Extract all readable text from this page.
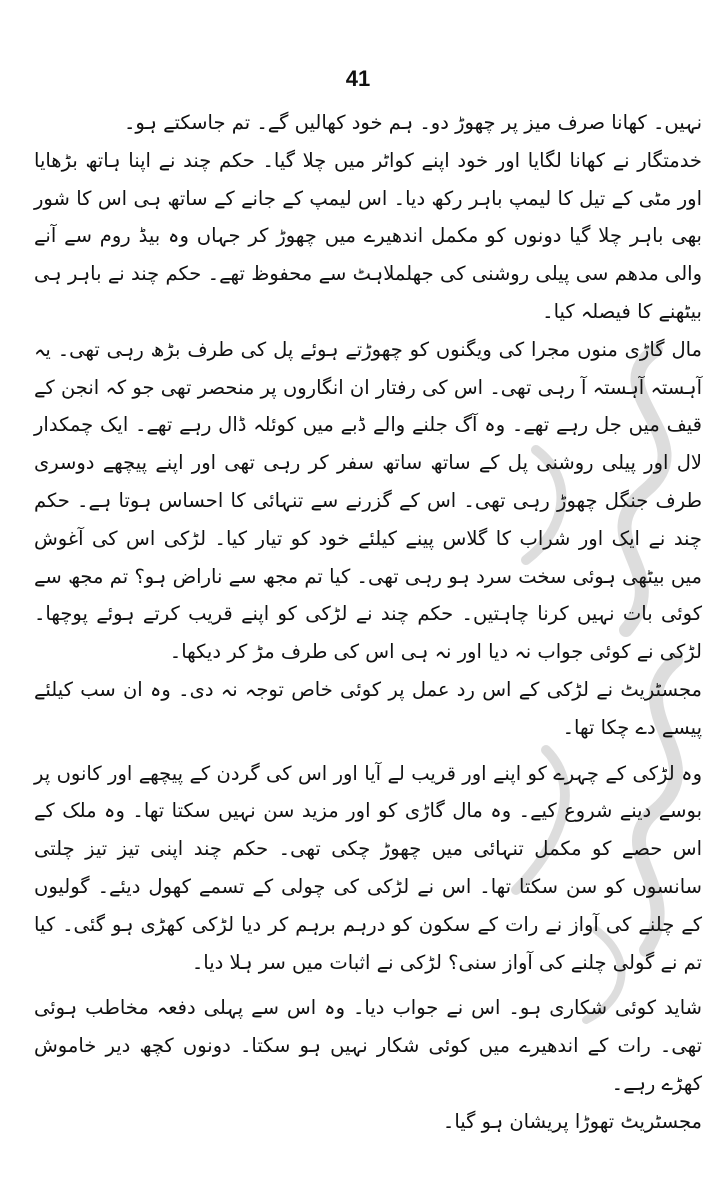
41

نہیں۔ کھانا صرف میز پر چھوڑ دو۔ ہم خود کھالیں گے۔ تم جاسکتے ہو۔

خدمتگار نے کھانا لگایا اور خود اپنے کواٹر میں چلا گیا۔ حکم چند نے اپنا ہاتھ بڑھایا اور مٹی کے تیل کا لیمپ باہر رکھ دیا۔ اس لیمپ کے جانے کے ساتھ ہی اس کا شور بھی باہر چلا گیا دونوں کو مکمل اندھیرے میں چھوڑ کر جہاں وہ بیڈ روم سے آنے والی مدھم سی پیلی روشنی کی جھلملاہٹ سے محفوظ تھے۔ حکم چند نے باہر ہی بیٹھنے کا فیصلہ کیا۔

مال گاڑی منوں مجرا کی ویگنوں کو چھوڑتے ہوئے پل کی طرف بڑھ رہی تھی۔ یہ آہستہ آہستہ آ رہی تھی۔ اس کی رفتار ان انگاروں پر منحصر تھی جو کہ انجن کے قیف میں جل رہے تھے۔ وہ آگ جلنے والے ڈبے میں کوئلہ ڈال رہے تھے۔ ایک چمکدار لال اور پیلی روشنی پل کے ساتھ ساتھ سفر کر رہی تھی اور اپنے پیچھے دوسری طرف جنگل چھوڑ رہی تھی۔ اس کے گزرنے سے تنہائی کا احساس ہوتا ہے۔ حکم چند نے ایک اور شراب کا گلاس پینے کیلئے خود کو تیار کیا۔ لڑکی اس کی آغوش میں بیٹھی ہوئی سخت سرد ہو رہی تھی۔ کیا تم مجھ سے ناراض ہو؟ تم مجھ سے کوئی بات نہیں کرنا چاہتیں۔ حکم چند نے لڑکی کو اپنے قریب کرتے ہوئے پوچھا۔ لڑکی نے کوئی جواب نہ دیا اور نہ ہی اس کی طرف مڑ کر دیکھا۔

مجسٹریٹ نے لڑکی کے اس رد عمل پر کوئی خاص توجہ نہ دی۔ وہ ان سب کیلئے پیسے دے چکا تھا۔

وہ لڑکی کے چہرے کو اپنے اور قریب لے آیا اور اس کی گردن کے پیچھے اور کانوں پر بوسے دینے شروع کیے۔ وہ مال گاڑی کو اور مزید سن نہیں سکتا تھا۔ وہ ملک کے اس حصے کو مکمل تنہائی میں چھوڑ چکی تھی۔ حکم چند اپنی تیز تیز چلتی سانسوں کو سن سکتا تھا۔ اس نے لڑکی کی چولی کے تسمے کھول دیئے۔ گولیوں کے چلنے کی آواز نے رات کے سکون کو درہم برہم کر دیا لڑکی کھڑی ہو گئی۔ کیا تم نے گولی چلنے کی آواز سنی؟ لڑکی نے اثبات میں سر ہلا دیا۔

شاید کوئی شکاری ہو۔ اس نے جواب دیا۔ وہ اس سے پہلی دفعہ مخاطب ہوئی تھی۔ رات کے اندھیرے میں کوئی شکار نہیں ہو سکتا۔ دونوں کچھ دیر خاموش کھڑے رہے۔

مجسٹریٹ تھوڑا پریشان ہو گیا۔
